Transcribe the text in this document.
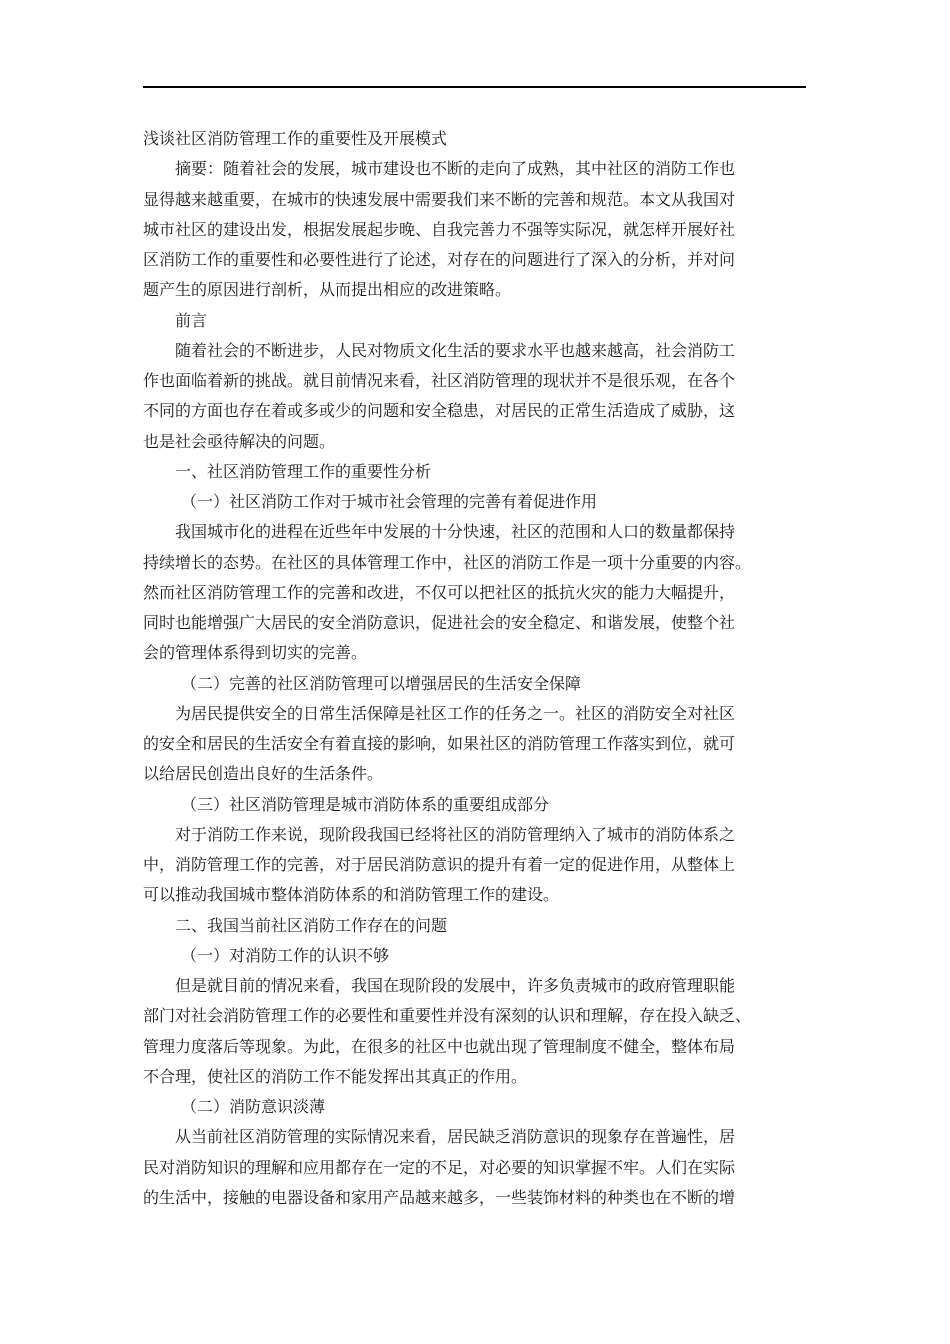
浅谈社区消防管理工作的重要性及开展模式
摘要：随着社会的发展，城市建设也不断的走向了成熟，其中社区的消防工作也
显得越来越重要，在城市的快速发展中需要我们来不断的完善和规范。本文从我国对
城市社区的建设出发，根据发展起步晚、自我完善力不强等实际况，就怎样开展好社
区消防工作的重要性和必要性进行了论述，对存在的问题进行了深入的分析，并对问
题产生的原因进行剖析，从而提出相应的改进策略。
前言
随着社会的不断进步，人民对物质文化生活的要求水平也越来越高，社会消防工
作也面临着新的挑战。就目前情况来看，社区消防管理的现状并不是很乐观，在各个
不同的方面也存在着或多或少的问题和安全稳患，对居民的正常生活造成了威胁，这
也是社会亟待解决的问题。
一、社区消防管理工作的重要性分析
（一）社区消防工作对于城市社会管理的完善有着促进作用
我国城市化的进程在近些年中发展的十分快速，社区的范围和人口的数量都保持
持续增长的态势。在社区的具体管理工作中，社区的消防工作是一项十分重要的内容。
然而社区消防管理工作的完善和改进，不仅可以把社区的抵抗火灾的能力大幅提升，
同时也能增强广大居民的安全消防意识，促进社会的安全稳定、和谐发展，使整个社
会的管理体系得到切实的完善。
（二）完善的社区消防管理可以增强居民的生活安全保障
为居民提供安全的日常生活保障是社区工作的任务之一。社区的消防安全对社区
的安全和居民的生活安全有着直接的影响，如果社区的消防管理工作落实到位，就可
以给居民创造出良好的生活条件。
（三）社区消防管理是城市消防体系的重要组成部分
对于消防工作来说，现阶段我国已经将社区的消防管理纳入了城市的消防体系之
中，消防管理工作的完善，对于居民消防意识的提升有着一定的促进作用，从整体上
可以推动我国城市整体消防体系的和消防管理工作的建设。
二、我国当前社区消防工作存在的问题
（一）对消防工作的认识不够
但是就目前的情况来看，我国在现阶段的发展中，许多负责城市的政府管理职能
部门对社会消防管理工作的必要性和重要性并没有深刻的认识和理解，存在投入缺乏、
管理力度落后等现象。为此，在很多的社区中也就出现了管理制度不健全，整体布局
不合理，使社区的消防工作不能发挥出其真正的作用。
（二）消防意识淡薄
从当前社区消防管理的实际情况来看，居民缺乏消防意识的现象存在普遍性，居
民对消防知识的理解和应用都存在一定的不足，对必要的知识掌握不牢。人们在实际
的生活中，接触的电器设备和家用产品越来越多，一些装饰材料的种类也在不断的增
